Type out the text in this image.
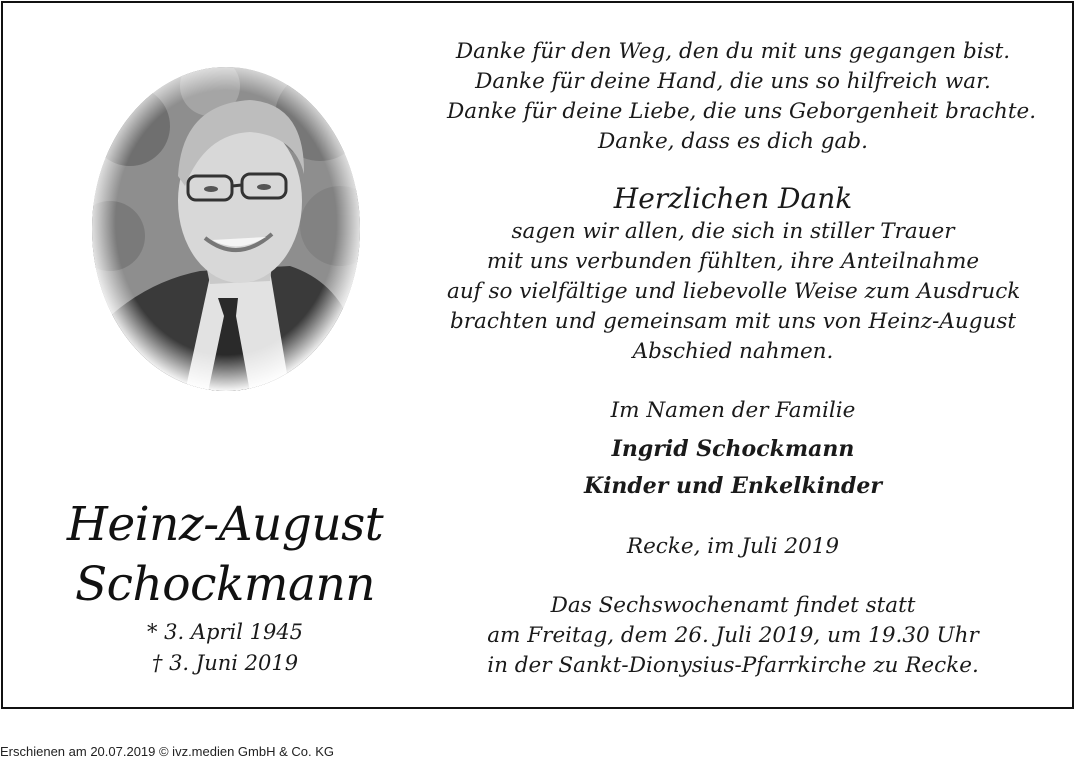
Heinz-August
Schockmann
* 3. April 1945
† 3. Juni 2019
Danke für den Weg, den du mit uns gegangen bist.
Danke für deine Hand, die uns so hilfreich war.
Danke für deine Liebe, die uns Geborgenheit brachte.
Danke, dass es dich gab.
Herzlichen Dank
sagen wir allen, die sich in stiller Trauer
mit uns verbunden fühlten, ihre Anteilnahme
auf so vielfältige und liebevolle Weise zum Ausdruck
brachten und gemeinsam mit uns von Heinz-August
Abschied nahmen.
Im Namen der Familie
Ingrid Schockmann
Kinder und Enkelkinder
Recke, im Juli 2019
Das Sechswochenamt findet statt
am Freitag, dem 26. Juli 2019, um 19.30 Uhr
in der Sankt-Dionysius-Pfarrkirche zu Recke.
Erschienen am 20.07.2019 © ivz.medien GmbH & Co. KG
